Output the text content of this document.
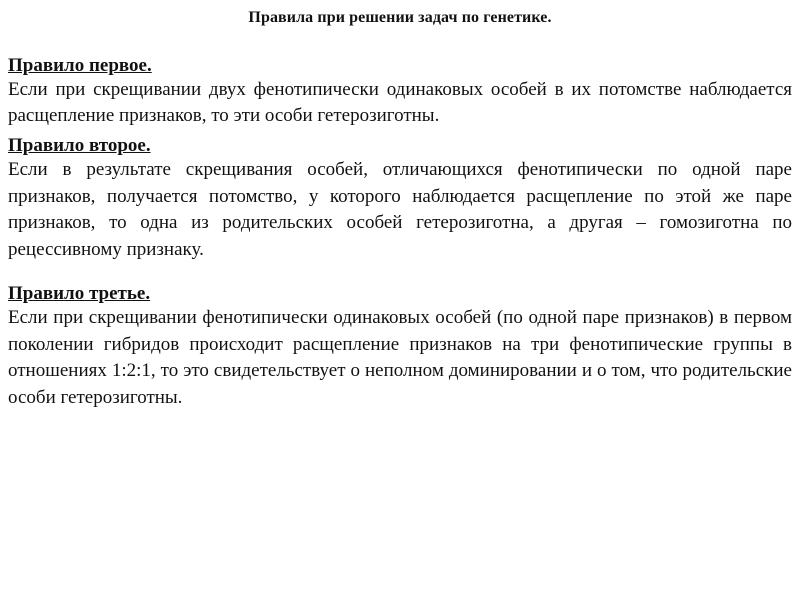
Правила при решении задач по генетике.

Правило первое.

Если при скрещивании двух фенотипически одинаковых особей в их потомстве наблюдается расщепление признаков, то эти особи гетерозиготны.

Правило второе.

Если в результате скрещивания особей, отличающихся фенотипически по одной паре признаков, получается потомство, у которого наблюдается расщепление по этой же паре признаков, то одна из родительских особей гетерозиготна, а другая – гомозиготна по рецессивному признаку.

Правило третье.

Если при скрещивании фенотипически одинаковых особей (по одной паре признаков) в первом поколении гибридов происходит расщепление признаков на три фенотипические группы в отношениях 1:2:1, то это свидетельствует о неполном доминировании и о том, что родительские особи гетерозиготны.
